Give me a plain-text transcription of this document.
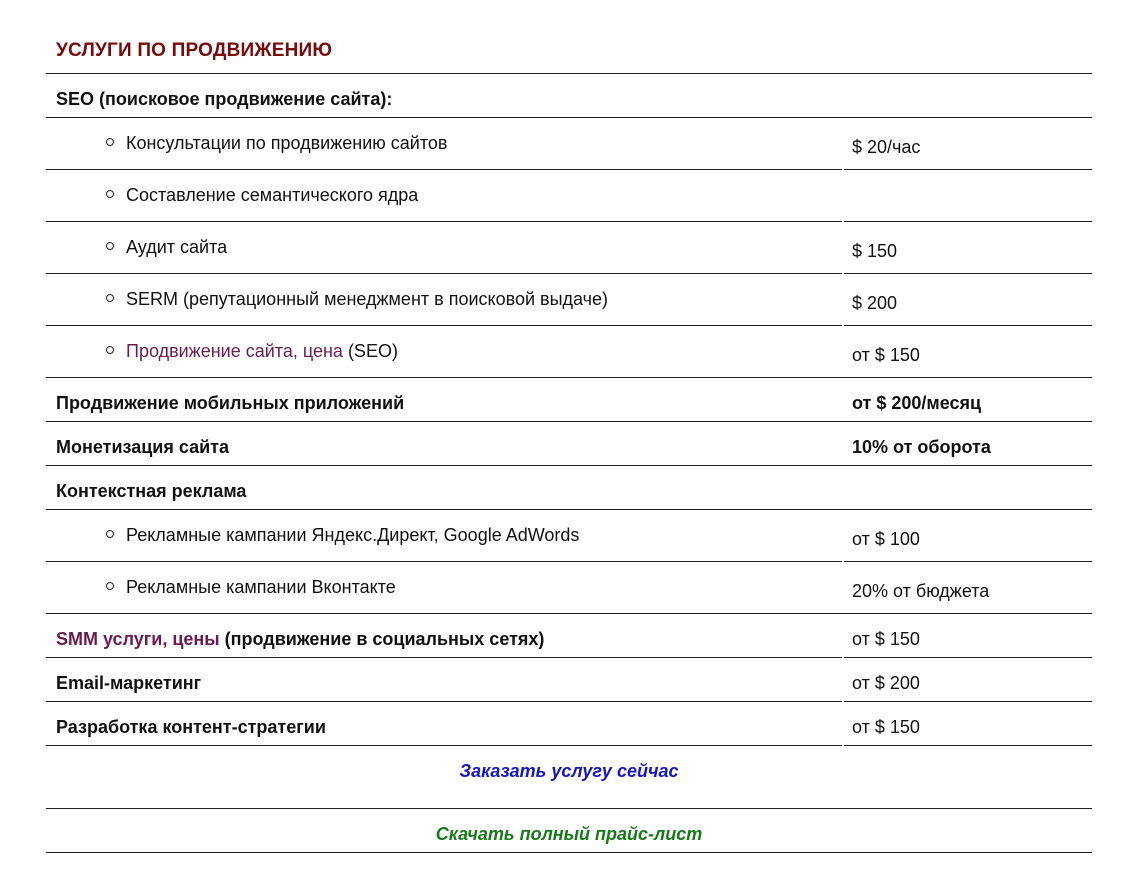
УСЛУГИ ПО ПРОДВИЖЕНИЮ
SEO (поисковое продвижение сайта):
Консультации по продвижению сайтов	$ 20/час
Составление семантического ядра
Аудит сайта	$ 150
SERM (репутационный менеджмент в поисковой выдаче)	$ 200
Продвижение сайта, цена (SEO)	от $ 150
Продвижение мобильных приложений	от $ 200/месяц
Монетизация сайта	10% от оборота
Контекстная реклама
Рекламные кампании Яндекс.Директ, Google AdWords	от $ 100
Рекламные кампании Вконтакте	20% от бюджета
SMM услуги, цены (продвижение в социальных сетях)	от $ 150
Email-маркетинг	от $ 200
Разработка контент-стратегии	от $ 150
Заказать услугу сейчас
Скачать полный прайс-лист
